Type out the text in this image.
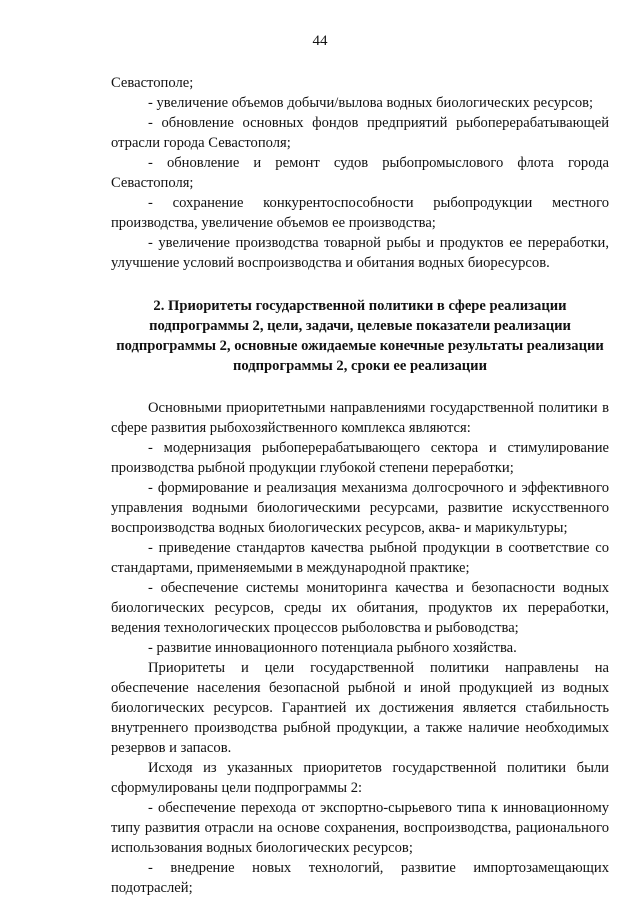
44

Севастополе;

- увеличение объемов добычи/вылова водных биологических ресурсов;

- обновление основных фондов предприятий рыбоперерабатывающей отрасли города Севастополя;

- обновление и ремонт судов рыбопромыслового флота города Севастополя;

- сохранение конкурентоспособности рыбопродукции местного производства, увеличение объемов ее производства;

- увеличение производства товарной рыбы и продуктов ее переработки, улучшение условий воспроизводства и обитания водных биоресурсов.

2. Приоритеты государственной политики в сфере реализации подпрограммы 2, цели, задачи, целевые показатели реализации подпрограммы 2, основные ожидаемые конечные результаты реализации подпрограммы 2, сроки ее реализации

Основными приоритетными направлениями государственной политики в сфере развития рыбохозяйственного комплекса являются:

- модернизация рыбоперерабатывающего сектора и стимулирование производства рыбной продукции глубокой степени переработки;

- формирование и реализация механизма долгосрочного и эффективного управления водными биологическими ресурсами, развитие искусственного воспроизводства водных биологических ресурсов, аква- и марикультуры;

- приведение стандартов качества рыбной продукции в соответствие со стандартами, применяемыми в международной практике;

- обеспечение системы мониторинга качества и безопасности водных биологических ресурсов, среды их обитания, продуктов их переработки, ведения технологических процессов рыболовства и рыбоводства;

- развитие инновационного потенциала рыбного хозяйства.

Приоритеты и цели государственной политики направлены на обеспечение населения безопасной рыбной и иной продукцией из водных биологических ресурсов. Гарантией их достижения является стабильность внутреннего производства рыбной продукции, а также наличие необходимых резервов и запасов.

Исходя из указанных приоритетов государственной политики были сформулированы цели подпрограммы 2:

- обеспечение перехода от экспортно-сырьевого типа к инновационному типу развития отрасли на основе сохранения, воспроизводства, рационального использования водных биологических ресурсов;

- внедрение новых технологий, развитие импортозамещающих подотраслей;
